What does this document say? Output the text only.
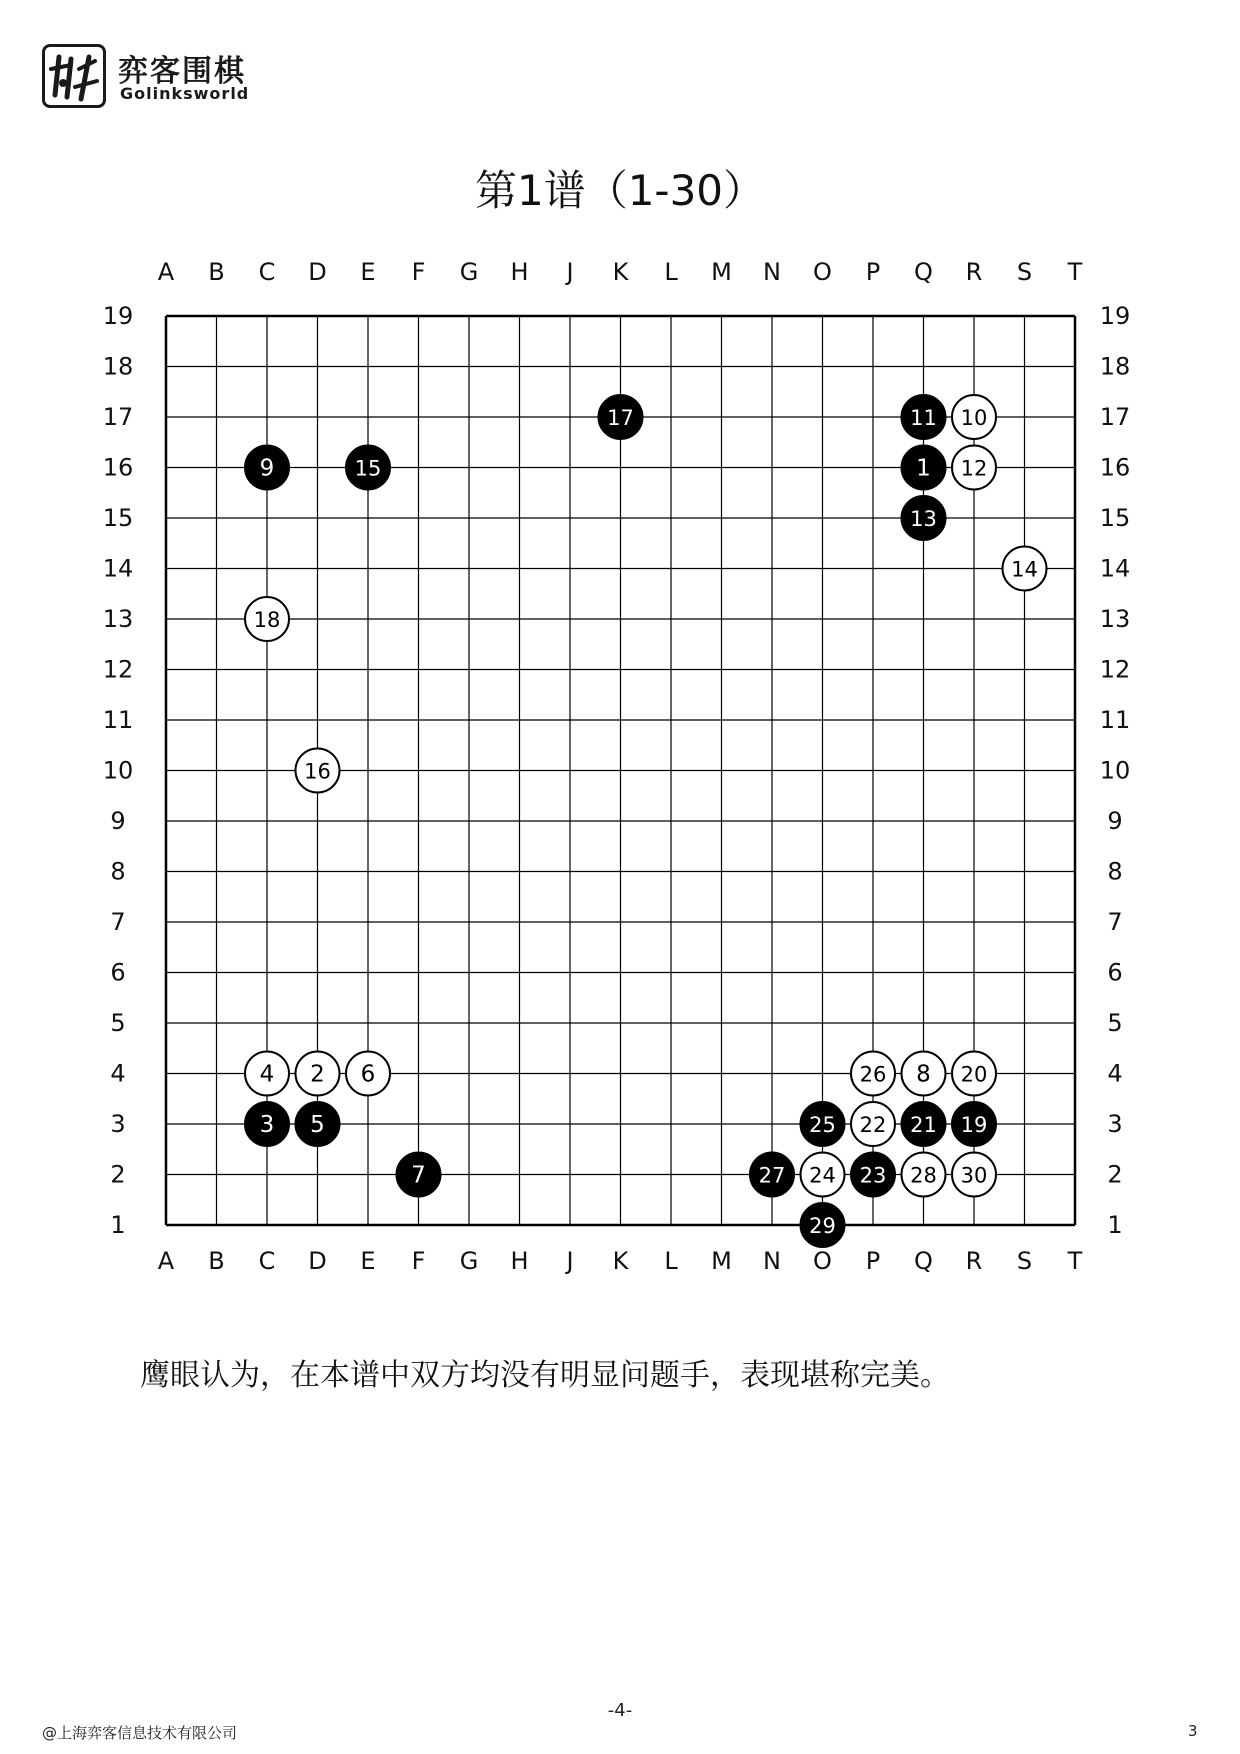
弈客围棋
Golinksworld
第1谱（1-30）
A
A
B
B
C
C
D
D
E
E
F
F
G
G
H
H
J
J
K
K
L
L
M
M
N
N
O
O
P
P
Q
Q
R
R
S
S
T
T
19	19
18	18
17	17
16	16
15	15
14	14
13	13
12	12
11	11
10	10
9	9
8	8
7	7
6	6
5	5
4	4
3	3
2	2
1	1
1
2
3
4
5
6
7
8
9
10
11
12
13
14
15
16
17
18
19
20
21
22
23
24
25
26
27	28
29
30
鹰眼认为，在本谱中双方均没有明显问题手，表现堪称完美。
-4-
@上海弈客信息技术有限公司	3
